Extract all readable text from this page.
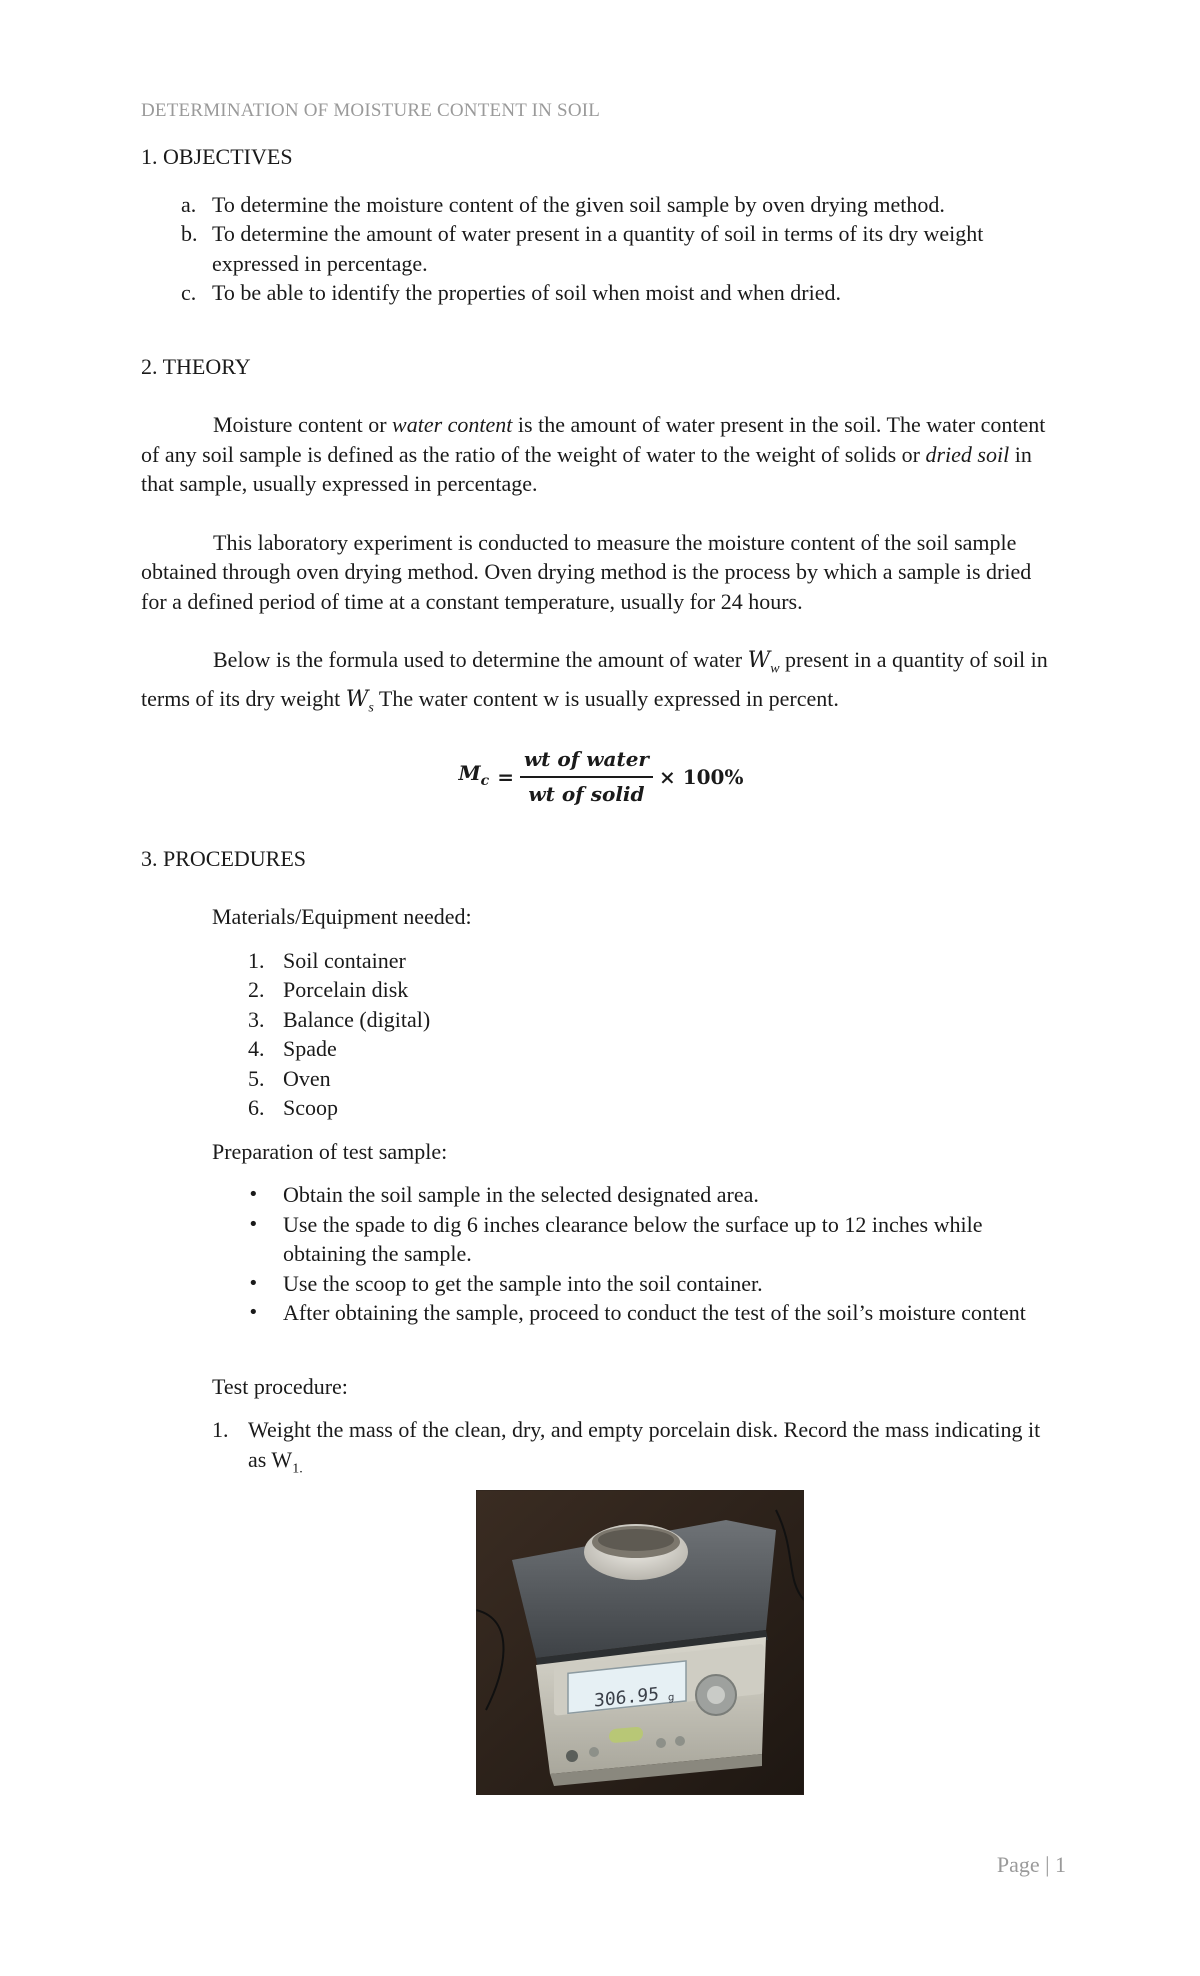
DETERMINATION OF MOISTURE CONTENT IN SOIL
1. OBJECTIVES
a. To determine the moisture content of the given soil sample by oven drying method.
b. To determine the amount of water present in a quantity of soil in terms of its dry weight expressed in percentage.
c. To be able to identify the properties of soil when moist and when dried.
2. THEORY

Moisture content or water content is the amount of water present in the soil. The water content of any soil sample is defined as the ratio of the weight of water to the weight of solids or dried soil in that sample, usually expressed in percentage.

This laboratory experiment is conducted to measure the moisture content of the soil sample obtained through oven drying method. Oven drying method is the process by which a sample is dried for a defined period of time at a constant temperature, usually for 24 hours.

Below is the formula used to determine the amount of water $W_w$ present in a quantity of soil in terms of its dry weight $W_s$ The water content w is usually expressed in percent.

$M_c = \frac{\text{wt of water}}{\text{wt of solid}} \times 100\%$
3. PROCEDURES

Materials/Equipment needed:

1. Soil container
2. Porcelain disk
3. Balance (digital)
4. Spade
5. Oven
6. Scoop

Preparation of test sample:

• Obtain the soil sample in the selected designated area.
• Use the spade to dig 6 inches clearance below the surface up to 12 inches while obtaining the sample.
• Use the scoop to get the sample into the soil container.
• After obtaining the sample, proceed to conduct the test of the soil’s moisture content

Test procedure:

1. Weight the mass of the clean, dry, and empty porcelain disk. Record the mass indicating it as $W_{1.}$
306.95 g
Page | 1
